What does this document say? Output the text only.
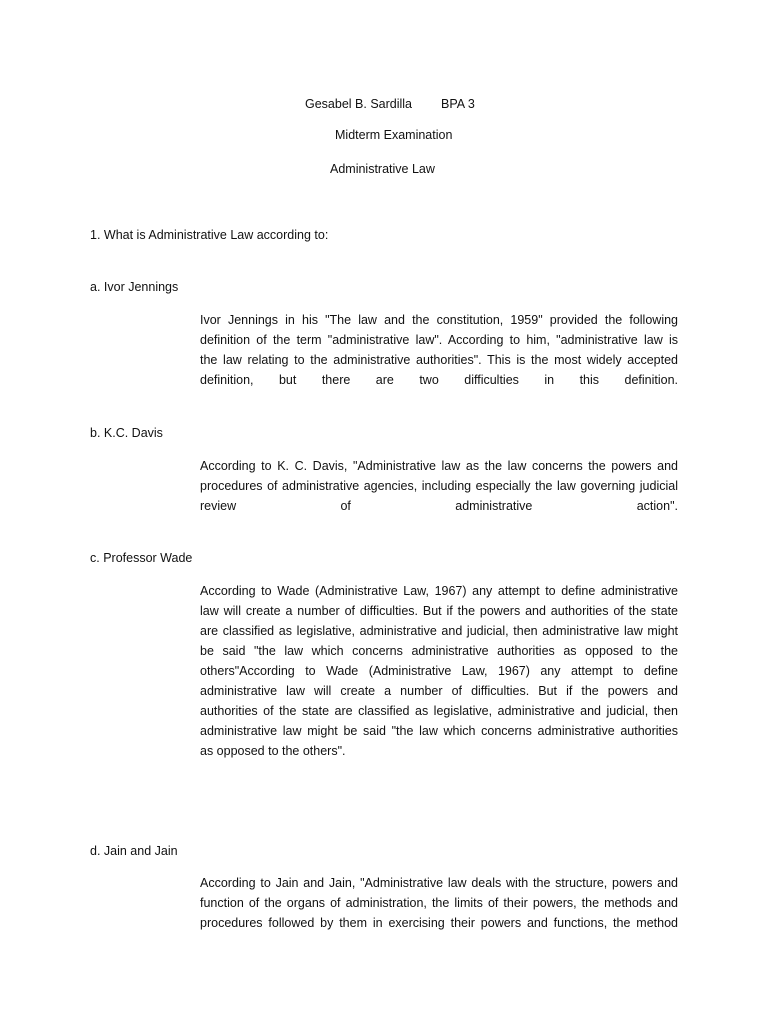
Gesabel B. Sardilla BPA 3
Midterm Examination
Administrative Law
1. What is Administrative Law according to:
a. Ivor Jennings
Ivor Jennings in his "The law and the constitution, 1959" provided the following
definition of the term "administrative law". According to him, "administrative law is
the law relating to the administrative authorities". This is the most widely accepted
definition, but there are two difficulties in this definition.
b. K.C. Davis
According to K. C. Davis, "Administrative law as the law concerns the powers and
procedures of administrative agencies, including especially the law governing judicial
review of administrative action".
c. Professor Wade
According to Wade (Administrative Law, 1967) any attempt to define administrative
law will create a number of difficulties. But if the powers and authorities of the state
are classified as legislative, administrative and judicial, then administrative law might
be said "the law which concerns administrative authorities as opposed to the
others"According to Wade (Administrative Law, 1967) any attempt to define
administrative law will create a number of difficulties. But if the powers and
authorities of the state are classified as legislative, administrative and judicial, then
administrative law might be said "the law which concerns administrative authorities
as opposed to the others".
d. Jain and Jain
According to Jain and Jain, "Administrative law deals with the structure, powers and
function of the organs of administration, the limits of their powers, the methods and
procedures followed by them in exercising their powers and functions, the method
